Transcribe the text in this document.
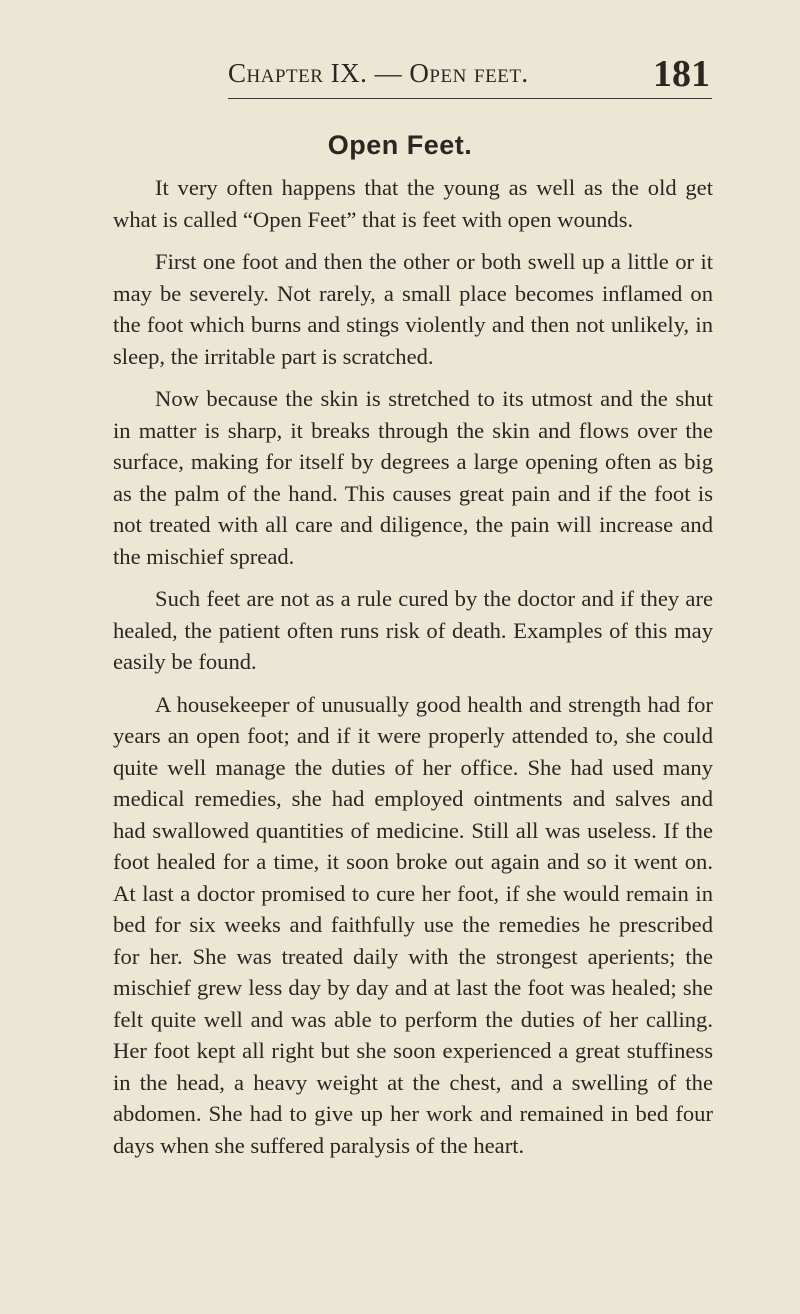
Chapter IX. — Open feet.	181
Open Feet.

It very often happens that the young as well as the old get what is called “Open Feet” that is feet with open wounds.

First one foot and then the other or both swell up a little or it may be severely. Not rarely, a small place becomes inflamed on the foot which burns and stings violently and then not unlikely, in sleep, the irritable part is scratched.

Now because the skin is stretched to its utmost and the shut in matter is sharp, it breaks through the skin and flows over the surface, making for itself by degrees a large opening often as big as the palm of the hand. This causes great pain and if the foot is not treated with all care and diligence, the pain will increase and the mischief spread.

Such feet are not as a rule cured by the doctor and if they are healed, the patient often runs risk of death. Examples of this may easily be found.

A housekeeper of unusually good health and strength had for years an open foot; and if it were properly attended to, she could quite well manage the duties of her office. She had used many medical remedies, she had employed ointments and salves and had swallowed quantities of medicine. Still all was useless. If the foot healed for a time, it soon broke out again and so it went on. At last a doctor promised to cure her foot, if she would remain in bed for six weeks and faithfully use the remedies he prescribed for her. She was treated daily with the strongest aperients; the mischief grew less day by day and at last the foot was healed; she felt quite well and was able to perform the duties of her calling. Her foot kept all right but she soon experienced a great stuffiness in the head, a heavy weight at the chest, and a swelling of the abdomen. She had to give up her work and remained in bed four days when she suffered paralysis of the heart.
